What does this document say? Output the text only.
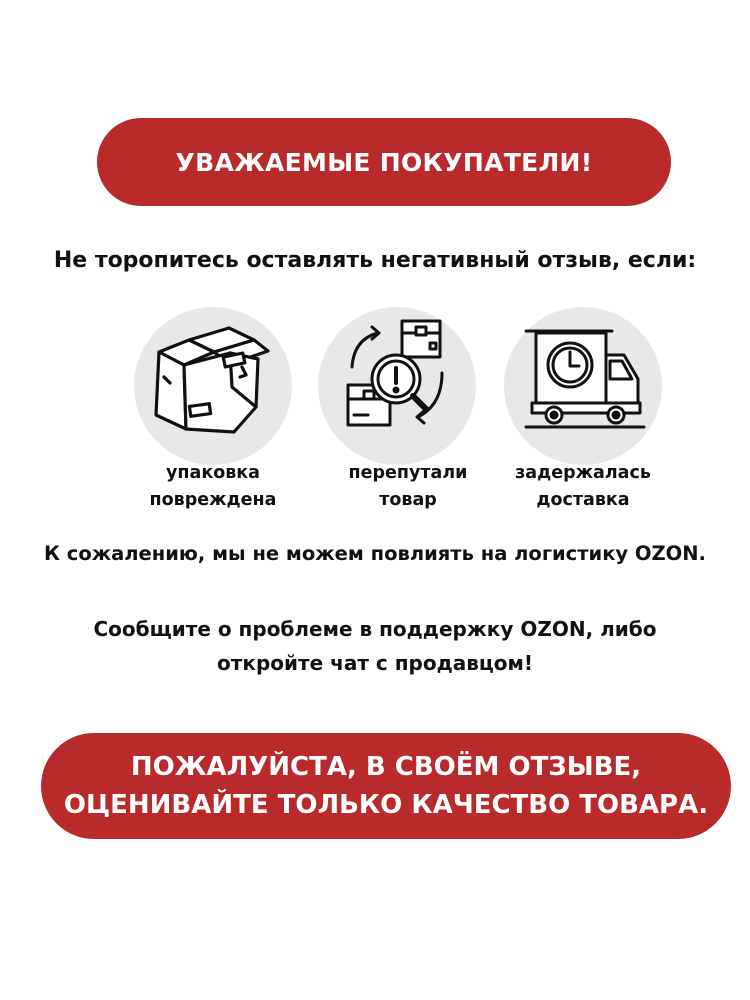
УВАЖАЕМЫЕ ПОКУПАТЕЛИ!
Не торопитесь оставлять негативный отзыв, если:
упаковка
повреждена
перепутали
товар
задержалась
доставка
К сожалению, мы не можем повлиять на логистику OZON.
Сообщите о проблеме в поддержку OZON, либо
откройте чат с продавцом!
ПОЖАЛУЙСТА, В СВОЁМ ОТЗЫВЕ,
ОЦЕНИВАЙТЕ ТОЛЬКО КАЧЕСТВО ТОВАРА.
